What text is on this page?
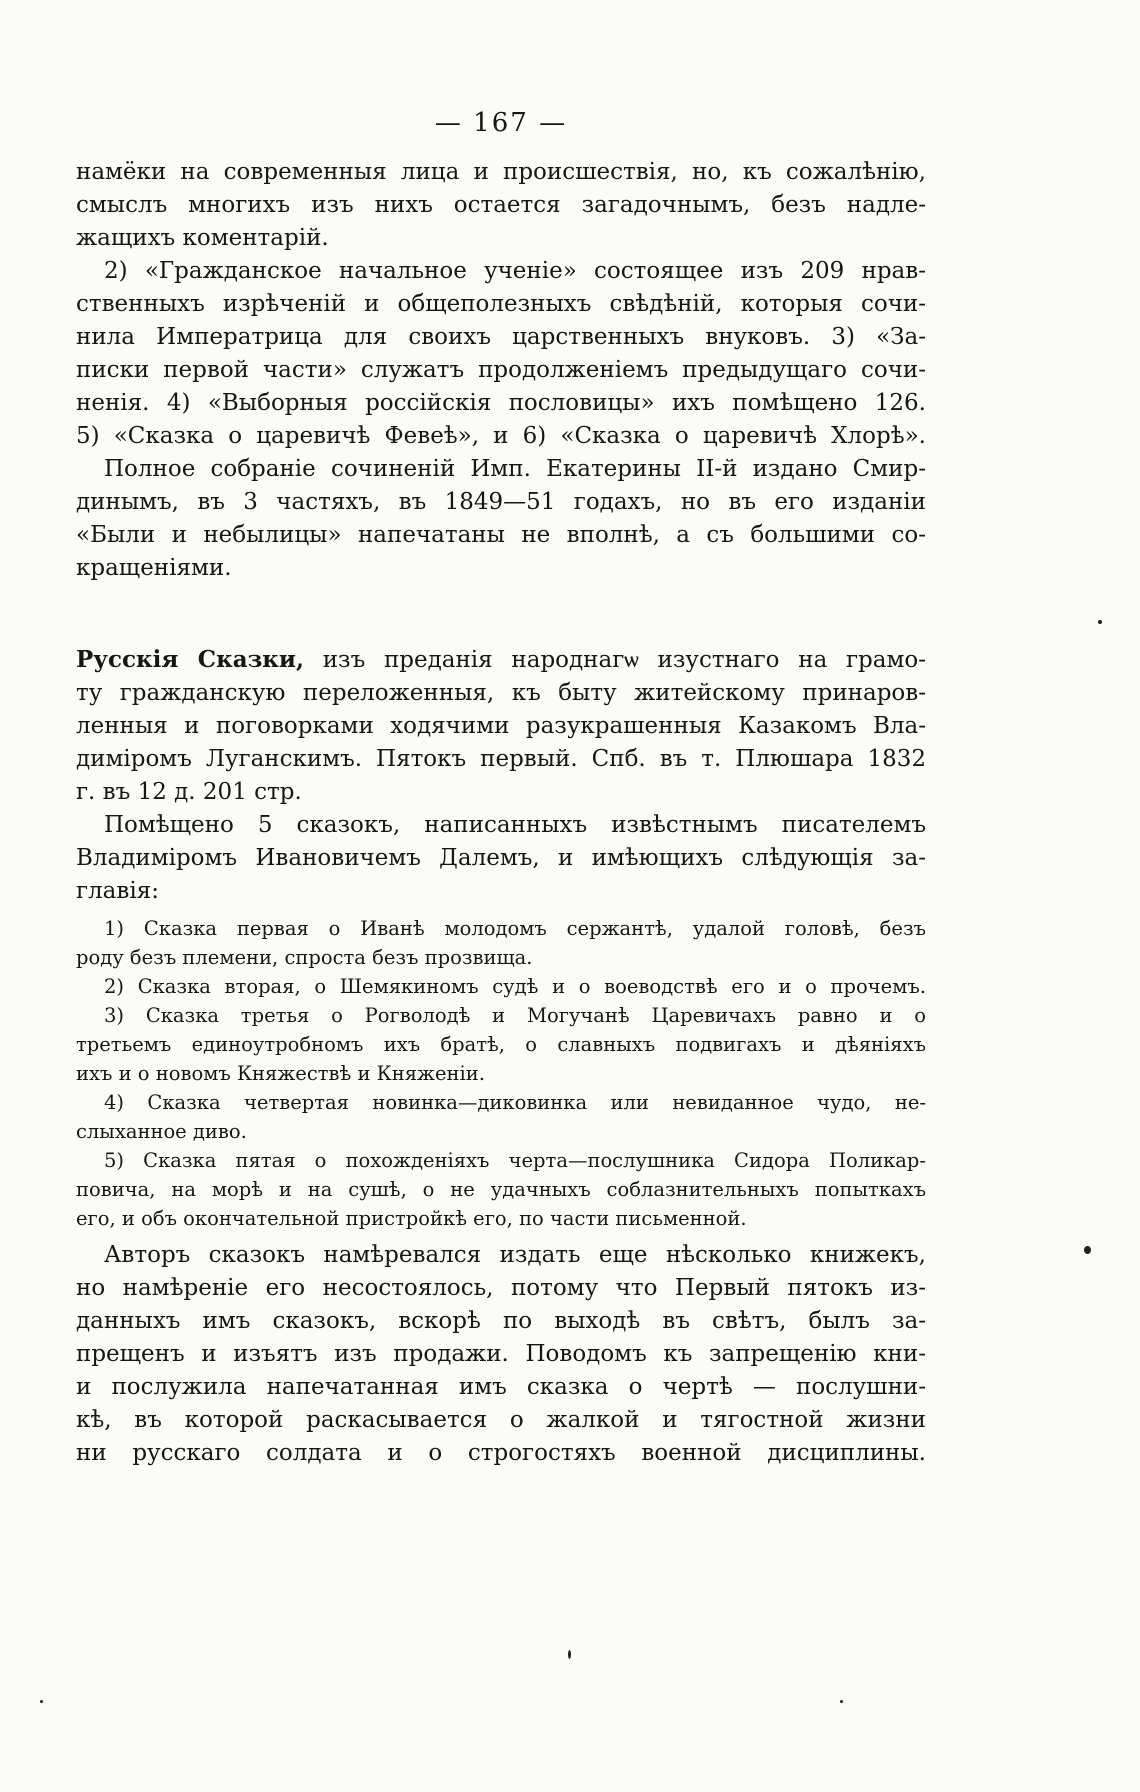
— 167 —
намёки на современныя лица и происшествія, но, къ сожалѣнію,
смыслъ многихъ изъ нихъ остается загадочнымъ, безъ надле-
жащихъ коментарій.
2) «Гражданское начальное ученіе» состоящее изъ 209 нрав-
ственныхъ изрѣченій и общеполезныхъ свѣдѣній, которыя сочи-
нила Императрица для своихъ царственныхъ внуковъ. 3) «За-
писки первой части» служатъ продолженіемъ предыдущаго сочи-
ненія. 4) «Выборныя россійскія пословицы» ихъ помѣщено 126.
5) «Сказка о царевичѣ Февеѣ», и 6) «Сказка о царевичѣ Хлорѣ».
Полное собраніе сочиненій Имп. Екатерины II-й издано Смир-
динымъ, въ 3 частяхъ, въ 1849—51 годахъ, но въ его изданіи
«Были и небылицы» напечатаны не вполнѣ, а съ большими со-
кращеніями.
Русскія Сказки, изъ преданія народнагѡ изустнаго на грамо-
ту гражданскую переложенныя, къ быту житейскому принаров-
ленныя и поговорками ходячими разукрашенныя Казакомъ Вла-
диміромъ Луганскимъ. Пятокъ первый. Спб. въ т. Плюшара 1832
г. въ 12 д. 201 стр.
Помѣщено 5 сказокъ, написанныхъ извѣстнымъ писателемъ
Владиміромъ Ивановичемъ Далемъ, и имѣющихъ слѣдующія за-
главія:
1) Сказка первая о Иванѣ молодомъ сержантѣ, удалой головѣ, безъ
роду безъ племени, спроста безъ прозвища.
2) Сказка вторая, о Шемякиномъ судѣ и о воеводствѣ его и о прочемъ.
3) Сказка третья о Рогволодѣ и Могучанѣ Царевичахъ равно и о
третьемъ единоутробномъ ихъ братѣ, о славныхъ подвигахъ и дѣяніяхъ
ихъ и о новомъ Княжествѣ и Княженіи.
4) Сказка четвертая новинка—диковинка или невиданное чудо, не-
слыханное диво.
5) Сказка пятая о похожденіяхъ черта—послушника Сидора Поликар-
повича, на морѣ и на сушѣ, о не удачныхъ соблазнительныхъ попыткахъ
его, и объ окончательной пристройкѣ его, по части письменной.
Авторъ сказокъ намѣревался издать еще нѣсколько книжекъ,
но намѣреніе его несостоялось, потому что Первый пятокъ из-
данныхъ имъ сказокъ, вскорѣ по выходѣ въ свѣтъ, былъ за-
прещенъ и изъятъ изъ продажи. Поводомъ къ запрещенію кни-
и послужила напечатанная имъ сказка о чертѣ — послушни-
кѣ, въ которой раскасывается о жалкой и тягостной жизни
ни русскаго солдата и о строгостяхъ военной дисциплины.
